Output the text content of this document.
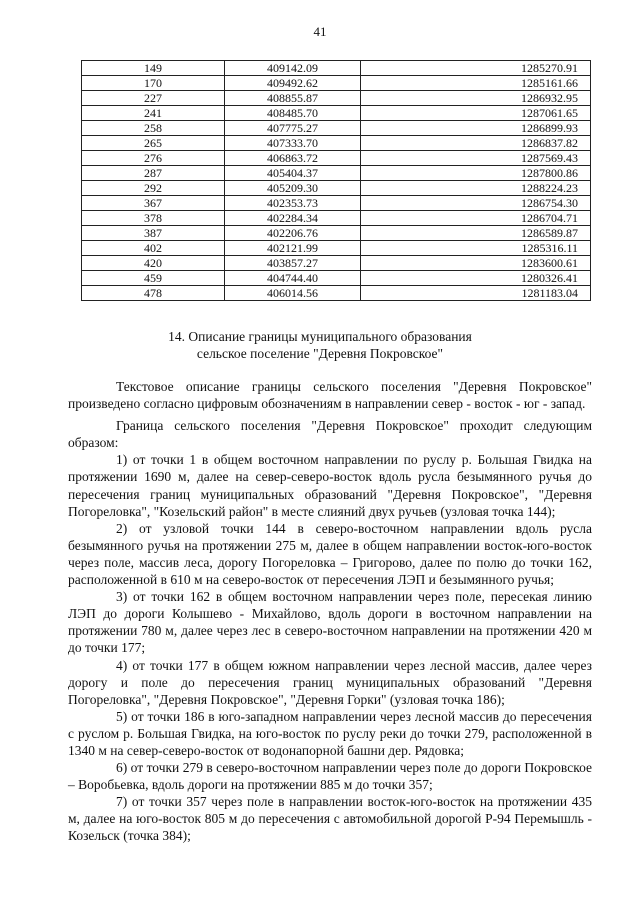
41
149	409142.09	1285270.91
170	409492.62	1285161.66
227	408855.87	1286932.95
241	408485.70	1287061.65
258	407775.27	1286899.93
265	407333.70	1286837.82
276	406863.72	1287569.43
287	405404.37	1287800.86
292	405209.30	1288224.23
367	402353.73	1286754.30
378	402284.34	1286704.71
387	402206.76	1286589.87
402	402121.99	1285316.11
420	403857.27	1283600.61
459	404744.40	1280326.41
478	406014.56	1281183.04
14. Описание границы муниципального образования
сельское поселение "Деревня Покровское"

Текстовое описание границы сельского поселения "Деревня Покровское" произведено согласно цифровым обозначениям в направлении север - восток - юг - запад.

Граница сельского поселения "Деревня Покровское" проходит следующим образом:

1) от точки 1 в общем восточном направлении по руслу р. Большая Гвидка на протяжении 1690 м, далее на север-северо-восток вдоль русла безымянного ручья до пересечения границ муниципальных образований "Деревня Покровское", "Деревня Погореловка", "Козельский район" в месте слияний двух ручьев (узловая точка 144);

2) от узловой точки 144 в северо-восточном направлении вдоль русла безымянного ручья на протяжении 275 м, далее в общем направлении восток-юго-восток через поле, массив леса, дорогу Погореловка – Григорово, далее по полю до точки 162, расположенной в 610 м на северо-восток от пересечения ЛЭП и безымянного ручья;

3) от точки 162 в общем восточном направлении через поле, пересекая линию ЛЭП до дороги Колышево - Михайлово, вдоль дороги в восточном направлении на протяжении 780 м, далее через лес в северо-восточном направлении на протяжении 420 м до точки 177;

4) от точки 177 в общем южном направлении через лесной массив, далее через дорогу и поле до пересечения границ муниципальных образований "Деревня Погореловка", "Деревня Покровское", "Деревня Горки" (узловая точка 186);

5) от точки 186 в юго-западном направлении через лесной массив до пересечения с руслом р. Большая Гвидка, на юго-восток по руслу реки до точки 279, расположенной в 1340 м на север-северо-восток от водонапорной башни дер. Рядовка;

6) от точки 279 в северо-восточном направлении через поле до дороги Покровское – Воробьевка, вдоль дороги на протяжении 885 м до точки 357;

7) от точки 357 через поле в направлении восток-юго-восток на протяжении 435 м, далее на юго-восток 805 м до пересечения с автомобильной дорогой Р-94 Перемышль - Козельск (точка 384);
